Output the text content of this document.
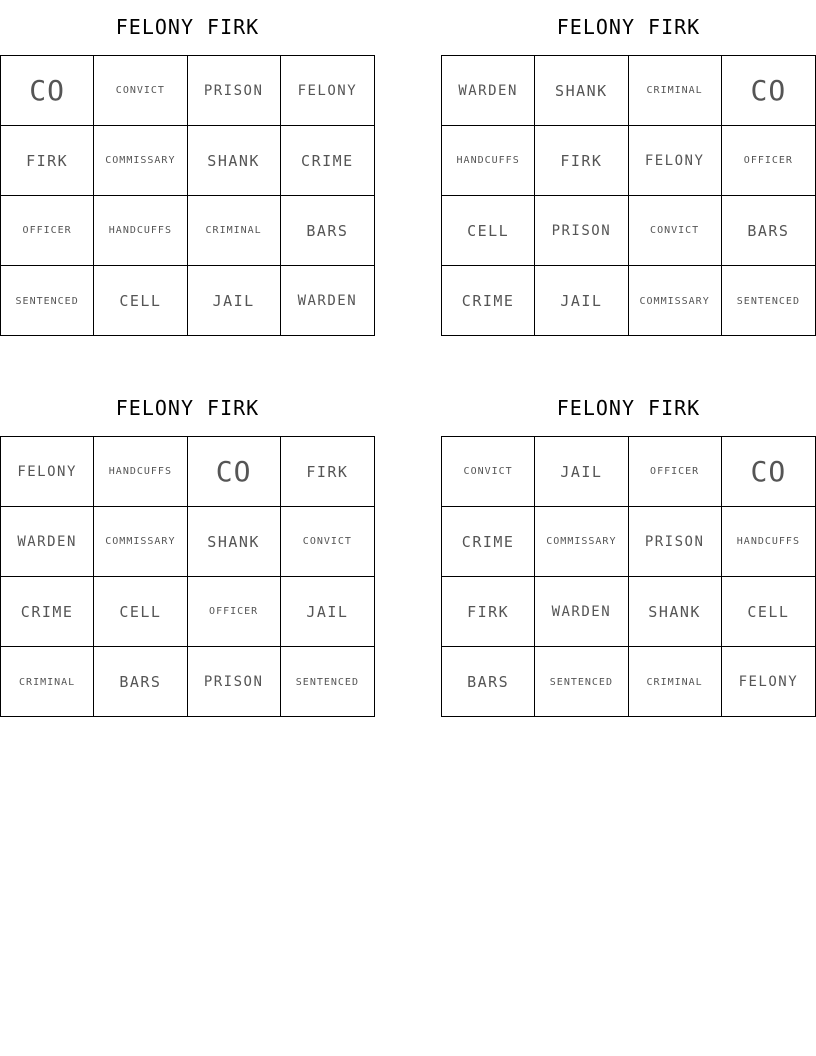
FELONY FIRK
CO	CONVICT	PRISON	FELONY
FIRK	COMMISSARY	SHANK	CRIME
OFFICER	HANDCUFFS	CRIMINAL	BARS
SENTENCED	CELL	JAIL	WARDEN
FELONY FIRK
WARDEN	SHANK	CRIMINAL	CO
HANDCUFFS	FIRK	FELONY	OFFICER
CELL	PRISON	CONVICT	BARS
CRIME	JAIL	COMMISSARY	SENTENCED
FELONY FIRK
FELONY	HANDCUFFS	CO	FIRK
WARDEN	COMMISSARY	SHANK	CONVICT
CRIME	CELL	OFFICER	JAIL
CRIMINAL	BARS	PRISON	SENTENCED
FELONY FIRK
CONVICT	JAIL	OFFICER	CO
CRIME	COMMISSARY	PRISON	HANDCUFFS
FIRK	WARDEN	SHANK	CELL
BARS	SENTENCED	CRIMINAL	FELONY
